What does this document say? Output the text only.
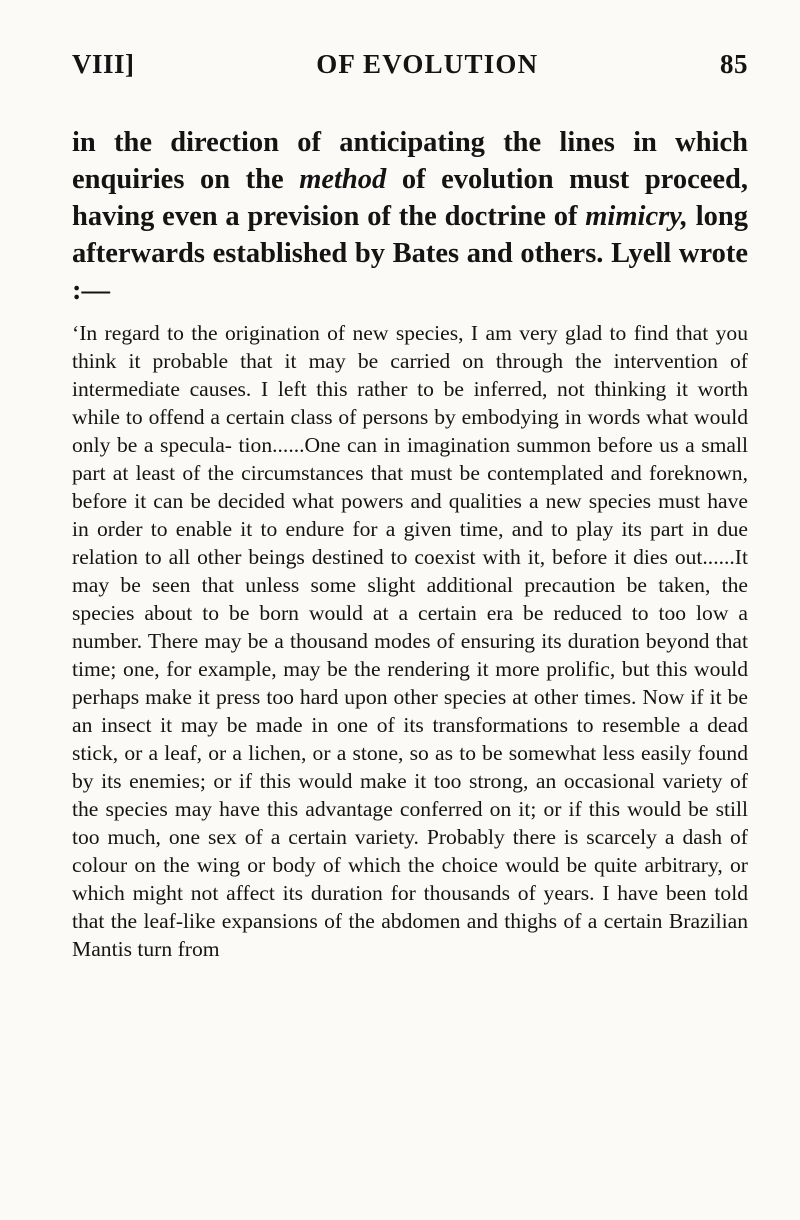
VIII]	OF EVOLUTION	85

in the direction of anticipating the lines in which enquiries on the method of evolution must proceed, having even a prevision of the doctrine of mimicry, long afterwards established by Bates and others. Lyell wrote :—

‘In regard to the origination of new species, I am very glad to find that you think it probable that it may be carried on through the intervention of intermediate causes. I left this rather to be inferred, not thinking it worth while to offend a certain class of persons by embodying in words what would only be a specula- tion......One can in imagination summon before us a small part at least of the circumstances that must be contemplated and foreknown, before it can be decided what powers and qualities a new species must have in order to enable it to endure for a given time, and to play its part in due relation to all other beings destined to coexist with it, before it dies out......It may be seen that unless some slight additional precaution be taken, the species about to be born would at a certain era be reduced to too low a number. There may be a thousand modes of ensuring its duration beyond that time; one, for example, may be the rendering it more prolific, but this would perhaps make it press too hard upon other species at other times. Now if it be an insect it may be made in one of its transformations to resemble a dead stick, or a leaf, or a lichen, or a stone, so as to be somewhat less easily found by its enemies; or if this would make it too strong, an occasional variety of the species may have this advantage conferred on it; or if this would be still too much, one sex of a certain variety. Probably there is scarcely a dash of colour on the wing or body of which the choice would be quite arbitrary, or which might not affect its duration for thousands of years. I have been told that the leaf-like expansions of the abdomen and thighs of a certain Brazilian Mantis turn from
